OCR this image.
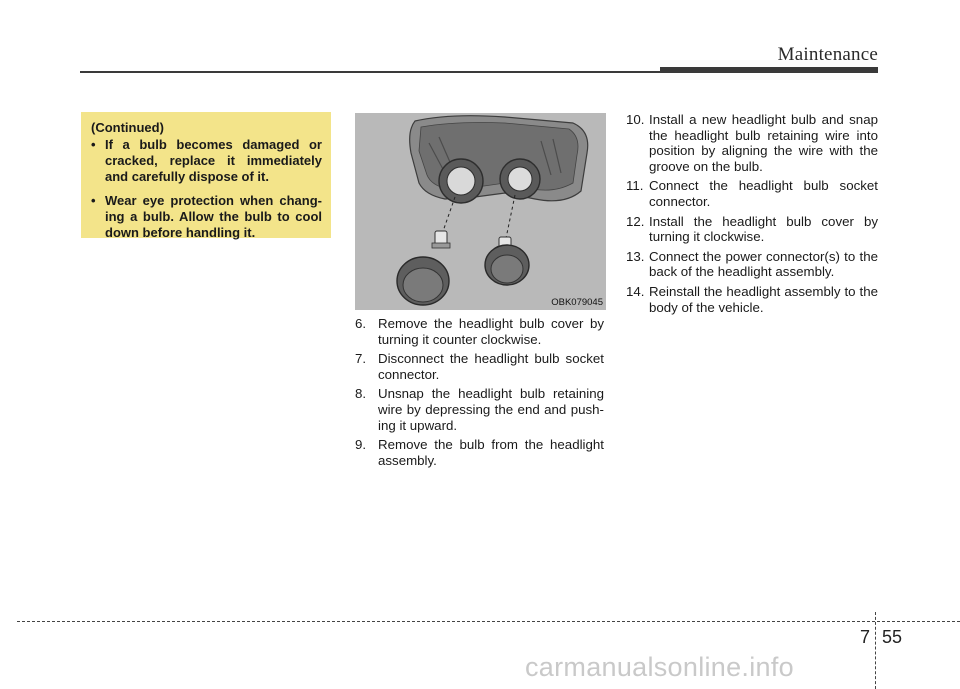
Maintenance
(Continued)
• If a bulb becomes damaged or cracked, replace it immediately and carefully dispose of it.
• Wear eye protection when chang-ing a bulb. Allow the bulb to cool down before handling it.
OBK079045
6. Remove the headlight bulb cover by turning it counter clockwise.
7. Disconnect the headlight bulb socket connector.
8. Unsnap the headlight bulb retaining wire by depressing the end and push-ing it upward.
9. Remove the bulb from the headlight assembly.
10. Install a new headlight bulb and snap the headlight bulb retaining wire into position by aligning the wire with the groove on the bulb.
11. Connect the headlight bulb socket connector.
12. Install the headlight bulb cover by turning it clockwise.
13. Connect the power connector(s) to the back of the headlight assembly.
14. Reinstall the headlight assembly to the body of the vehicle.
7 55
carmanualsonline.info
